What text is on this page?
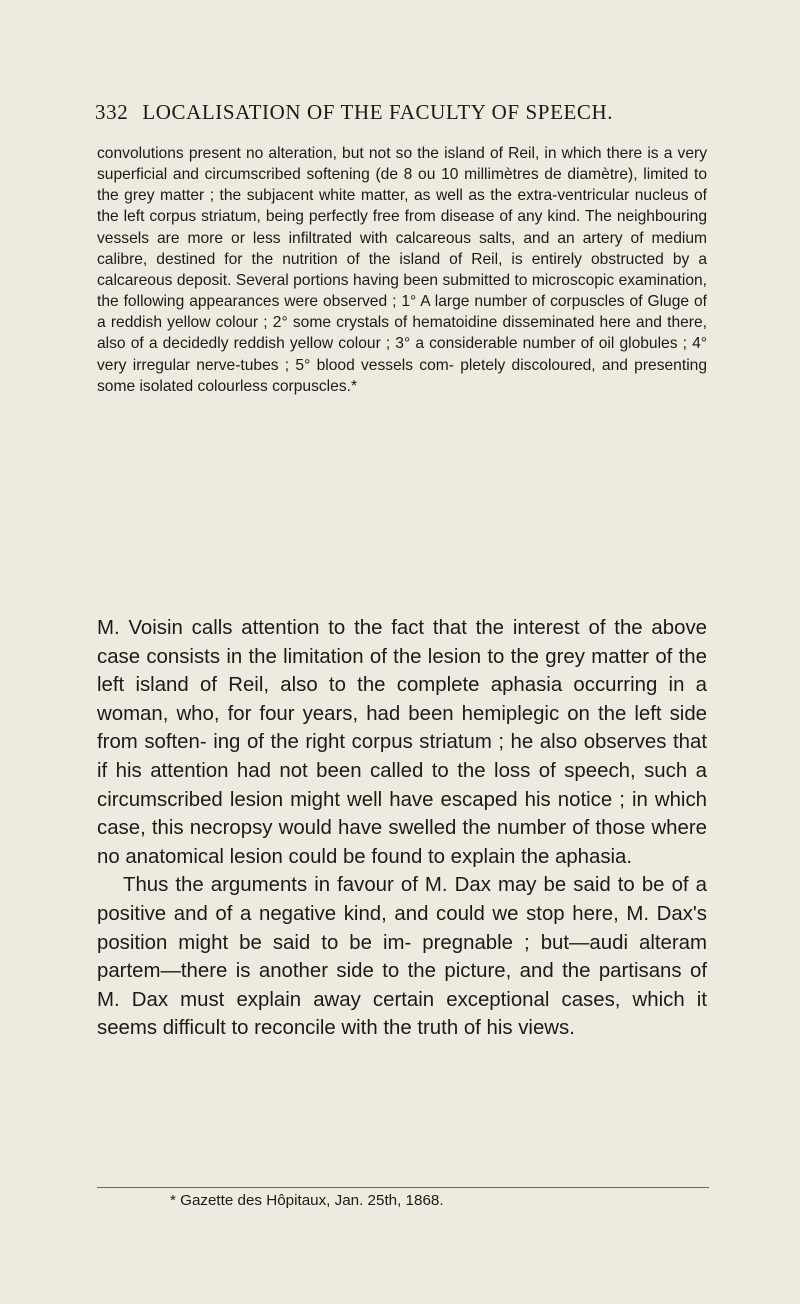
332 LOCALISATION OF THE FACULTY OF SPEECH.
convolutions present no alteration, but not so the island of Reil, in which there is a very superficial and circumscribed softening (de 8 ou 10 millimètres de diamètre), limited to the grey matter ; the subjacent white matter, as well as the extra-ventricular nucleus of the left corpus striatum, being perfectly free from disease of any kind. The neighbouring vessels are more or less infiltrated with calcareous salts, and an artery of medium calibre, destined for the nutrition of the island of Reil, is entirely obstructed by a calcareous deposit. Several portions having been submitted to microscopic examination, the following appearances were observed ; 1° A large number of corpuscles of Gluge of a reddish yellow colour ; 2° some crystals of hematoidine disseminated here and there, also of a decidedly reddish yellow colour ; 3° a considerable number of oil globules ; 4° very irregular nerve-tubes ; 5° blood vessels com- pletely discoloured, and presenting some isolated colourless corpuscles.*

M. Voisin calls attention to the fact that the interest of the above case consists in the limitation of the lesion to the grey matter of the left island of Reil, also to the complete aphasia occurring in a woman, who, for four years, had been hemiplegic on the left side from soften- ing of the right corpus striatum ; he also observes that if his attention had not been called to the loss of speech, such a circumscribed lesion might well have escaped his notice ; in which case, this necropsy would have swelled the number of those where no anatomical lesion could be found to explain the aphasia.

Thus the arguments in favour of M. Dax may be said to be of a positive and of a negative kind, and could we stop here, M. Dax's position might be said to be im- pregnable ; but—audi alteram partem—there is another side to the picture, and the partisans of M. Dax must explain away certain exceptional cases, which it seems difficult to reconcile with the truth of his views.

* Gazette des Hôpitaux, Jan. 25th, 1868.
